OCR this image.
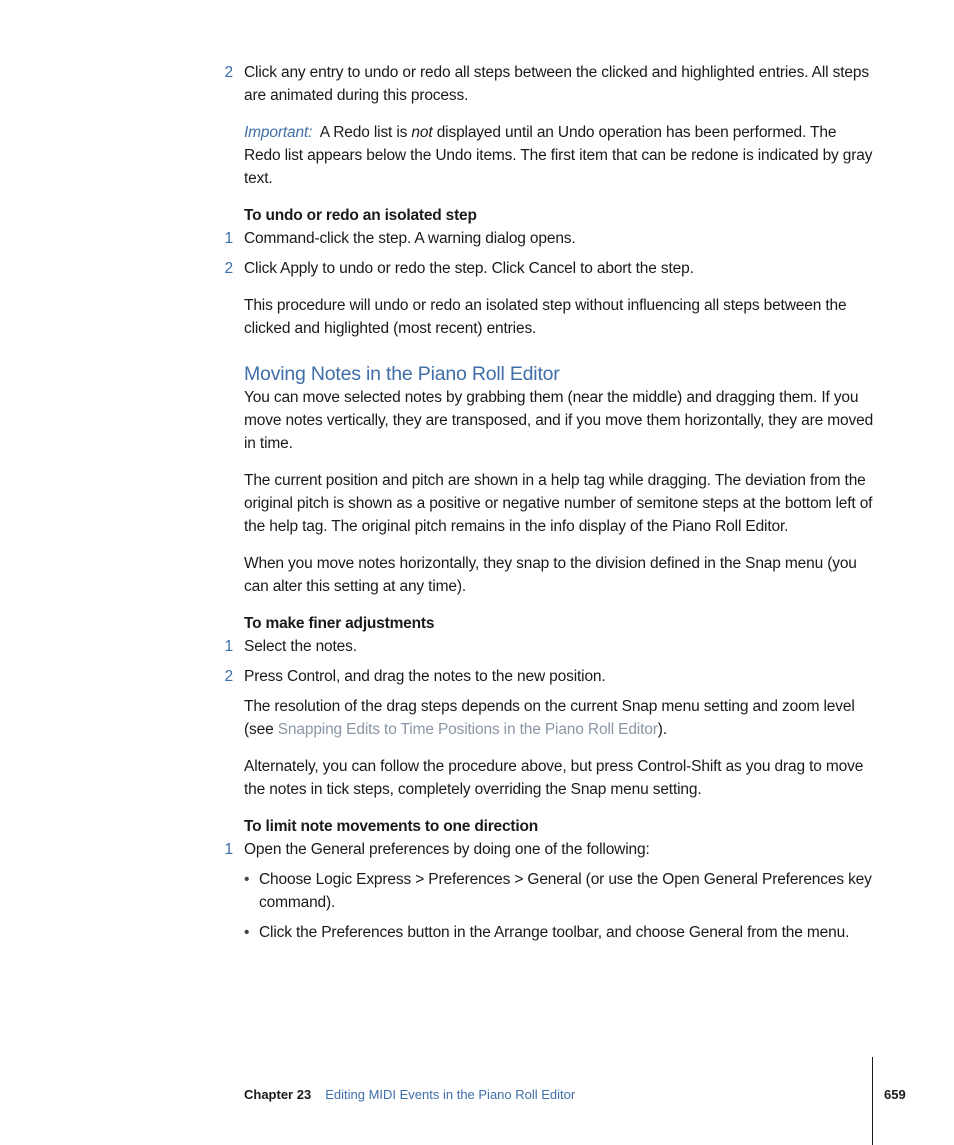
2 Click any entry to undo or redo all steps between the clicked and highlighted entries. All steps are animated during this process.
Important: A Redo list is not displayed until an Undo operation has been performed. The Redo list appears below the Undo items. The first item that can be redone is indicated by gray text.
To undo or redo an isolated step
1 Command-click the step. A warning dialog opens.
2 Click Apply to undo or redo the step. Click Cancel to abort the step.
This procedure will undo or redo an isolated step without influencing all steps between the clicked and higlighted (most recent) entries.
Moving Notes in the Piano Roll Editor
You can move selected notes by grabbing them (near the middle) and dragging them. If you move notes vertically, they are transposed, and if you move them horizontally, they are moved in time.
The current position and pitch are shown in a help tag while dragging. The deviation from the original pitch is shown as a positive or negative number of semitone steps at the bottom left of the help tag. The original pitch remains in the info display of the Piano Roll Editor.
When you move notes horizontally, they snap to the division defined in the Snap menu (you can alter this setting at any time).
To make finer adjustments
1 Select the notes.
2 Press Control, and drag the notes to the new position.
The resolution of the drag steps depends on the current Snap menu setting and zoom level (see Snapping Edits to Time Positions in the Piano Roll Editor).
Alternately, you can follow the procedure above, but press Control-Shift as you drag to move the notes in tick steps, completely overriding the Snap menu setting.
To limit note movements to one direction
1 Open the General preferences by doing one of the following:
• Choose Logic Express > Preferences > General (or use the Open General Preferences key command).
• Click the Preferences button in the Arrange toolbar, and choose General from the menu.
Chapter 23 Editing MIDI Events in the Piano Roll Editor	659
